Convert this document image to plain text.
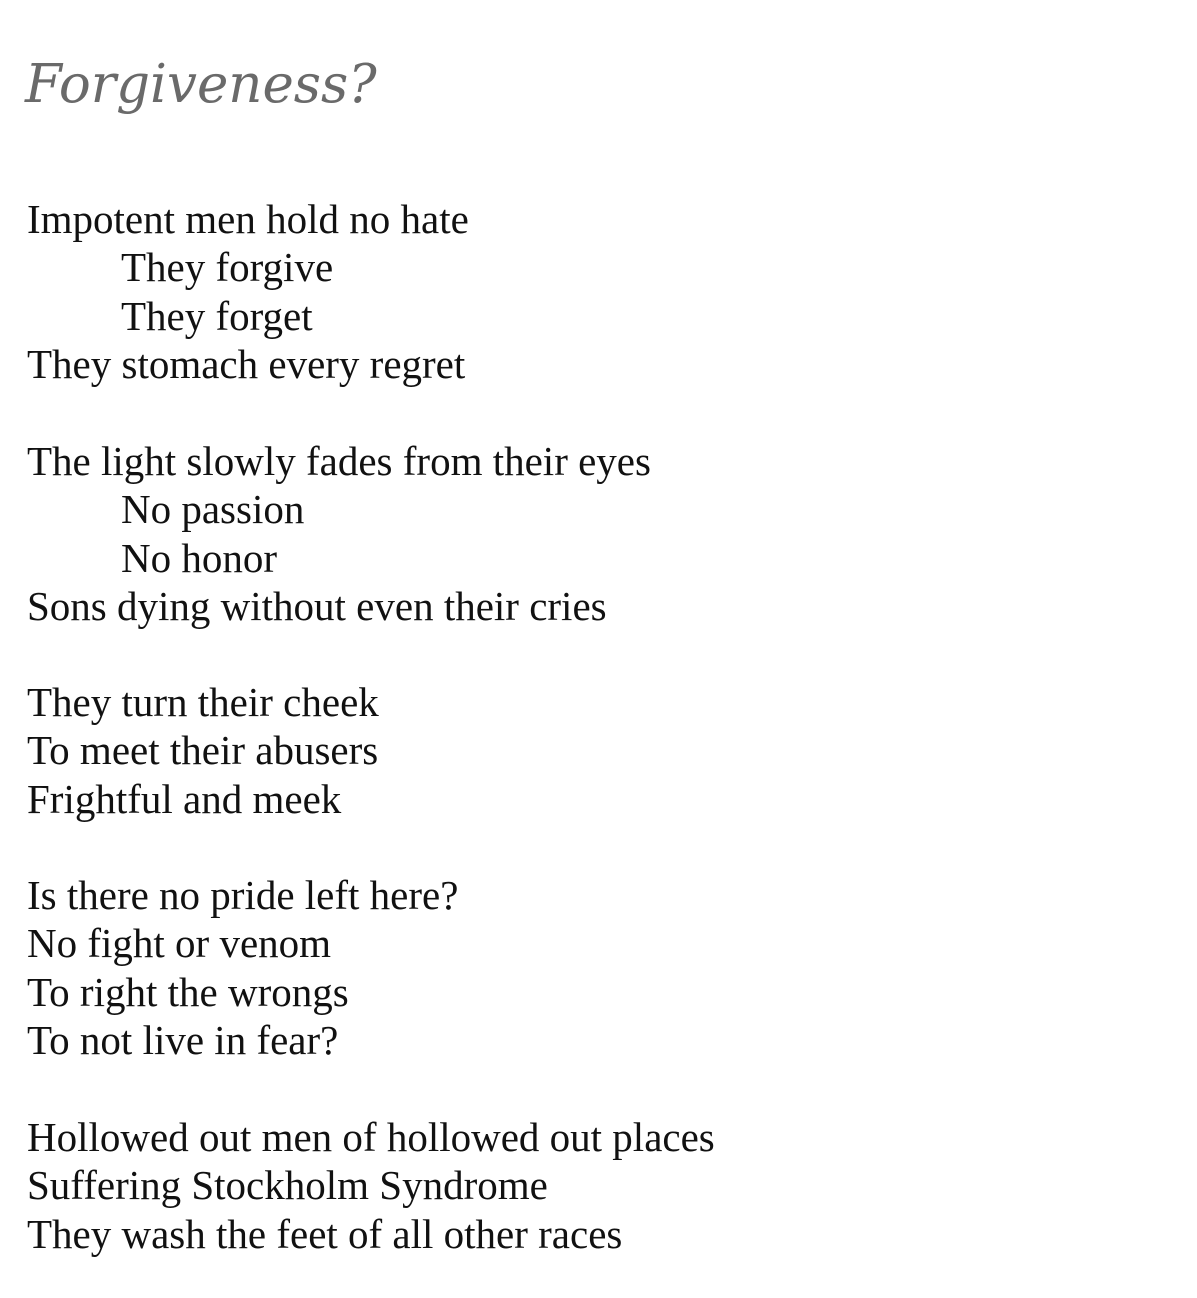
Forgiveness?
Impotent men hold no hate
They forgive
They forget
They stomach every regret
The light slowly fades from their eyes
No passion
No honor
Sons dying without even their cries
They turn their cheek
To meet their abusers
Frightful and meek
Is there no pride left here?
No fight or venom
To right the wrongs
To not live in fear?
Hollowed out men of hollowed out places
Suffering Stockholm Syndrome
They wash the feet of all other races
